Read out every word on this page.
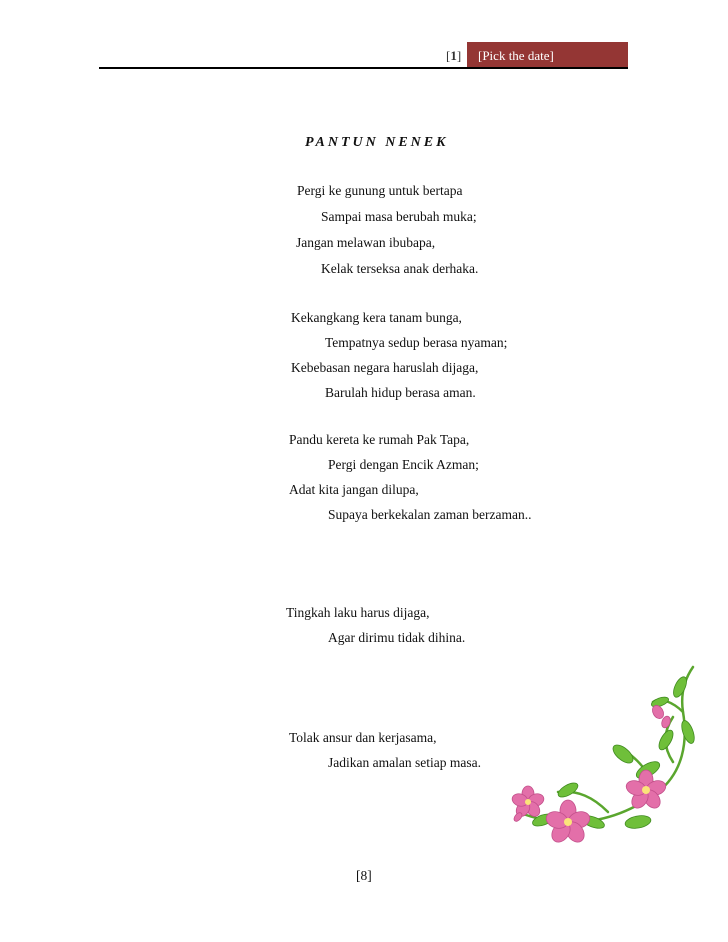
[1]	[Pick the date]
PANTUN NENEK
Pergi ke gunung untuk bertapa
Sampai masa berubah muka;
Jangan melawan ibubapa,
Kelak terseksa anak derhaka.
Kekangkang kera tanam bunga,
Tempatnya sedup berasa nyaman;
Kebebasan negara haruslah dijaga,
Barulah hidup berasa aman.
Pandu kereta ke rumah Pak Tapa,
Pergi dengan Encik Azman;
Adat kita jangan dilupa,
Supaya berkekalan zaman berzaman..
Tingkah laku harus dijaga,
Agar dirimu tidak dihina.
Tolak ansur dan kerjasama,
Jadikan amalan setiap masa.
[8]
